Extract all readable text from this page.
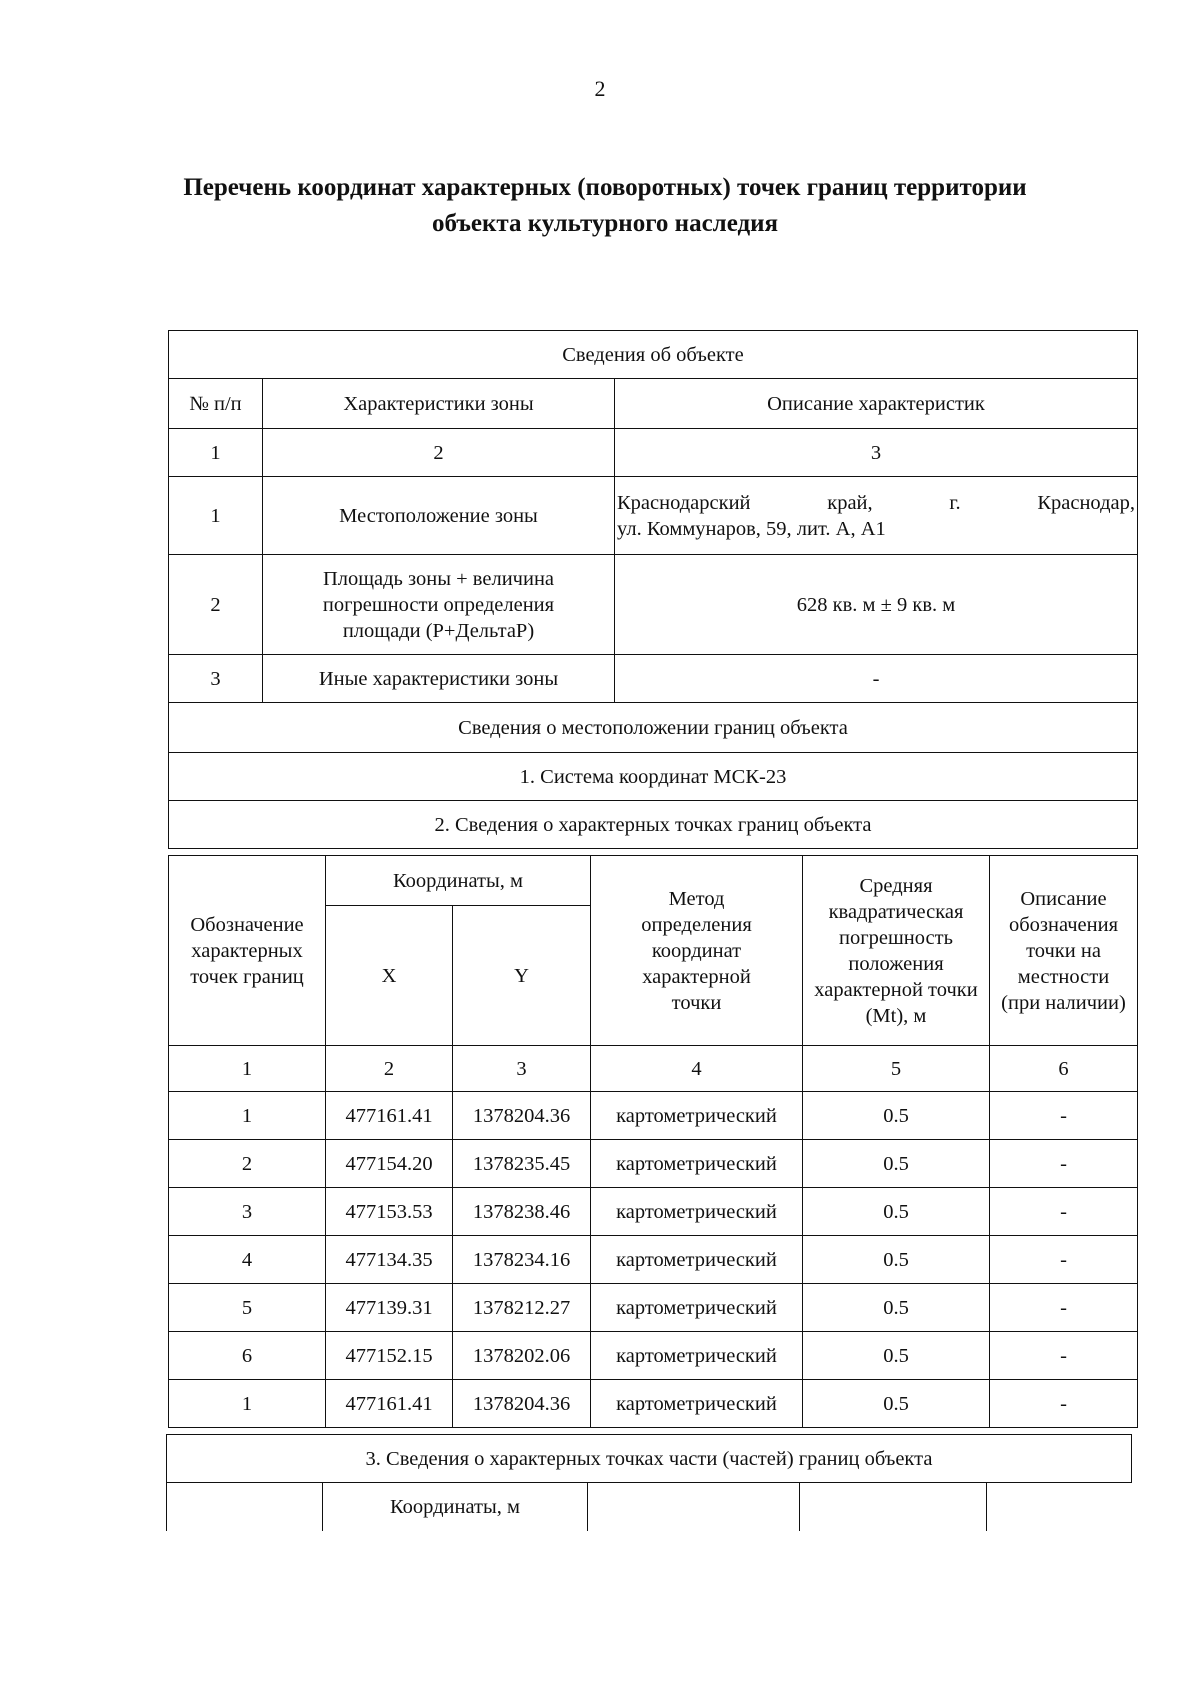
2
Перечень координат характерных (поворотных) точек границ территории
объекта культурного наследия
Сведения об объекте		
№ п/п	Характеристики зоны	Описание характеристик
1	2	3
1	Местоположение зоны	Краснодарский край, г. Краснодар,
ул. Коммунаров, 59, лит. А, А1

2	Площадь зоны + величина погрешности определения площади (Р+ДельтаР)	628 кв. м ± 9 кв. м
3	Иные характеристики зоны	-
Сведения о местоположении границ объекта		
1. Система координат МСК-23		
2. Сведения о характерных точках границ объекта		
Обозначение характерных точек границ	Координаты, м		Метод определения координат характерной точки	Средняя квадратическая погрешность положения характерной точки (Mt), м	Описание обозначения точки на местности (при наличии)
	X	Y			
1	2	3	4	5	6
1	477161.41	1378204.36	картометрический	0.5	-
2	477154.20	1378235.45	картометрический	0.5	-
3	477153.53	1378238.46	картометрический	0.5	-
4	477134.35	1378234.16	картометрический	0.5	-
5	477139.31	1378212.27	картометрический	0.5	-
6	477152.15	1378202.06	картометрический	0.5	-
1	477161.41	1378204.36	картометрический	0.5	-
3. Сведения о характерных точках части (частей) границ объекта
	Координаты, м			
